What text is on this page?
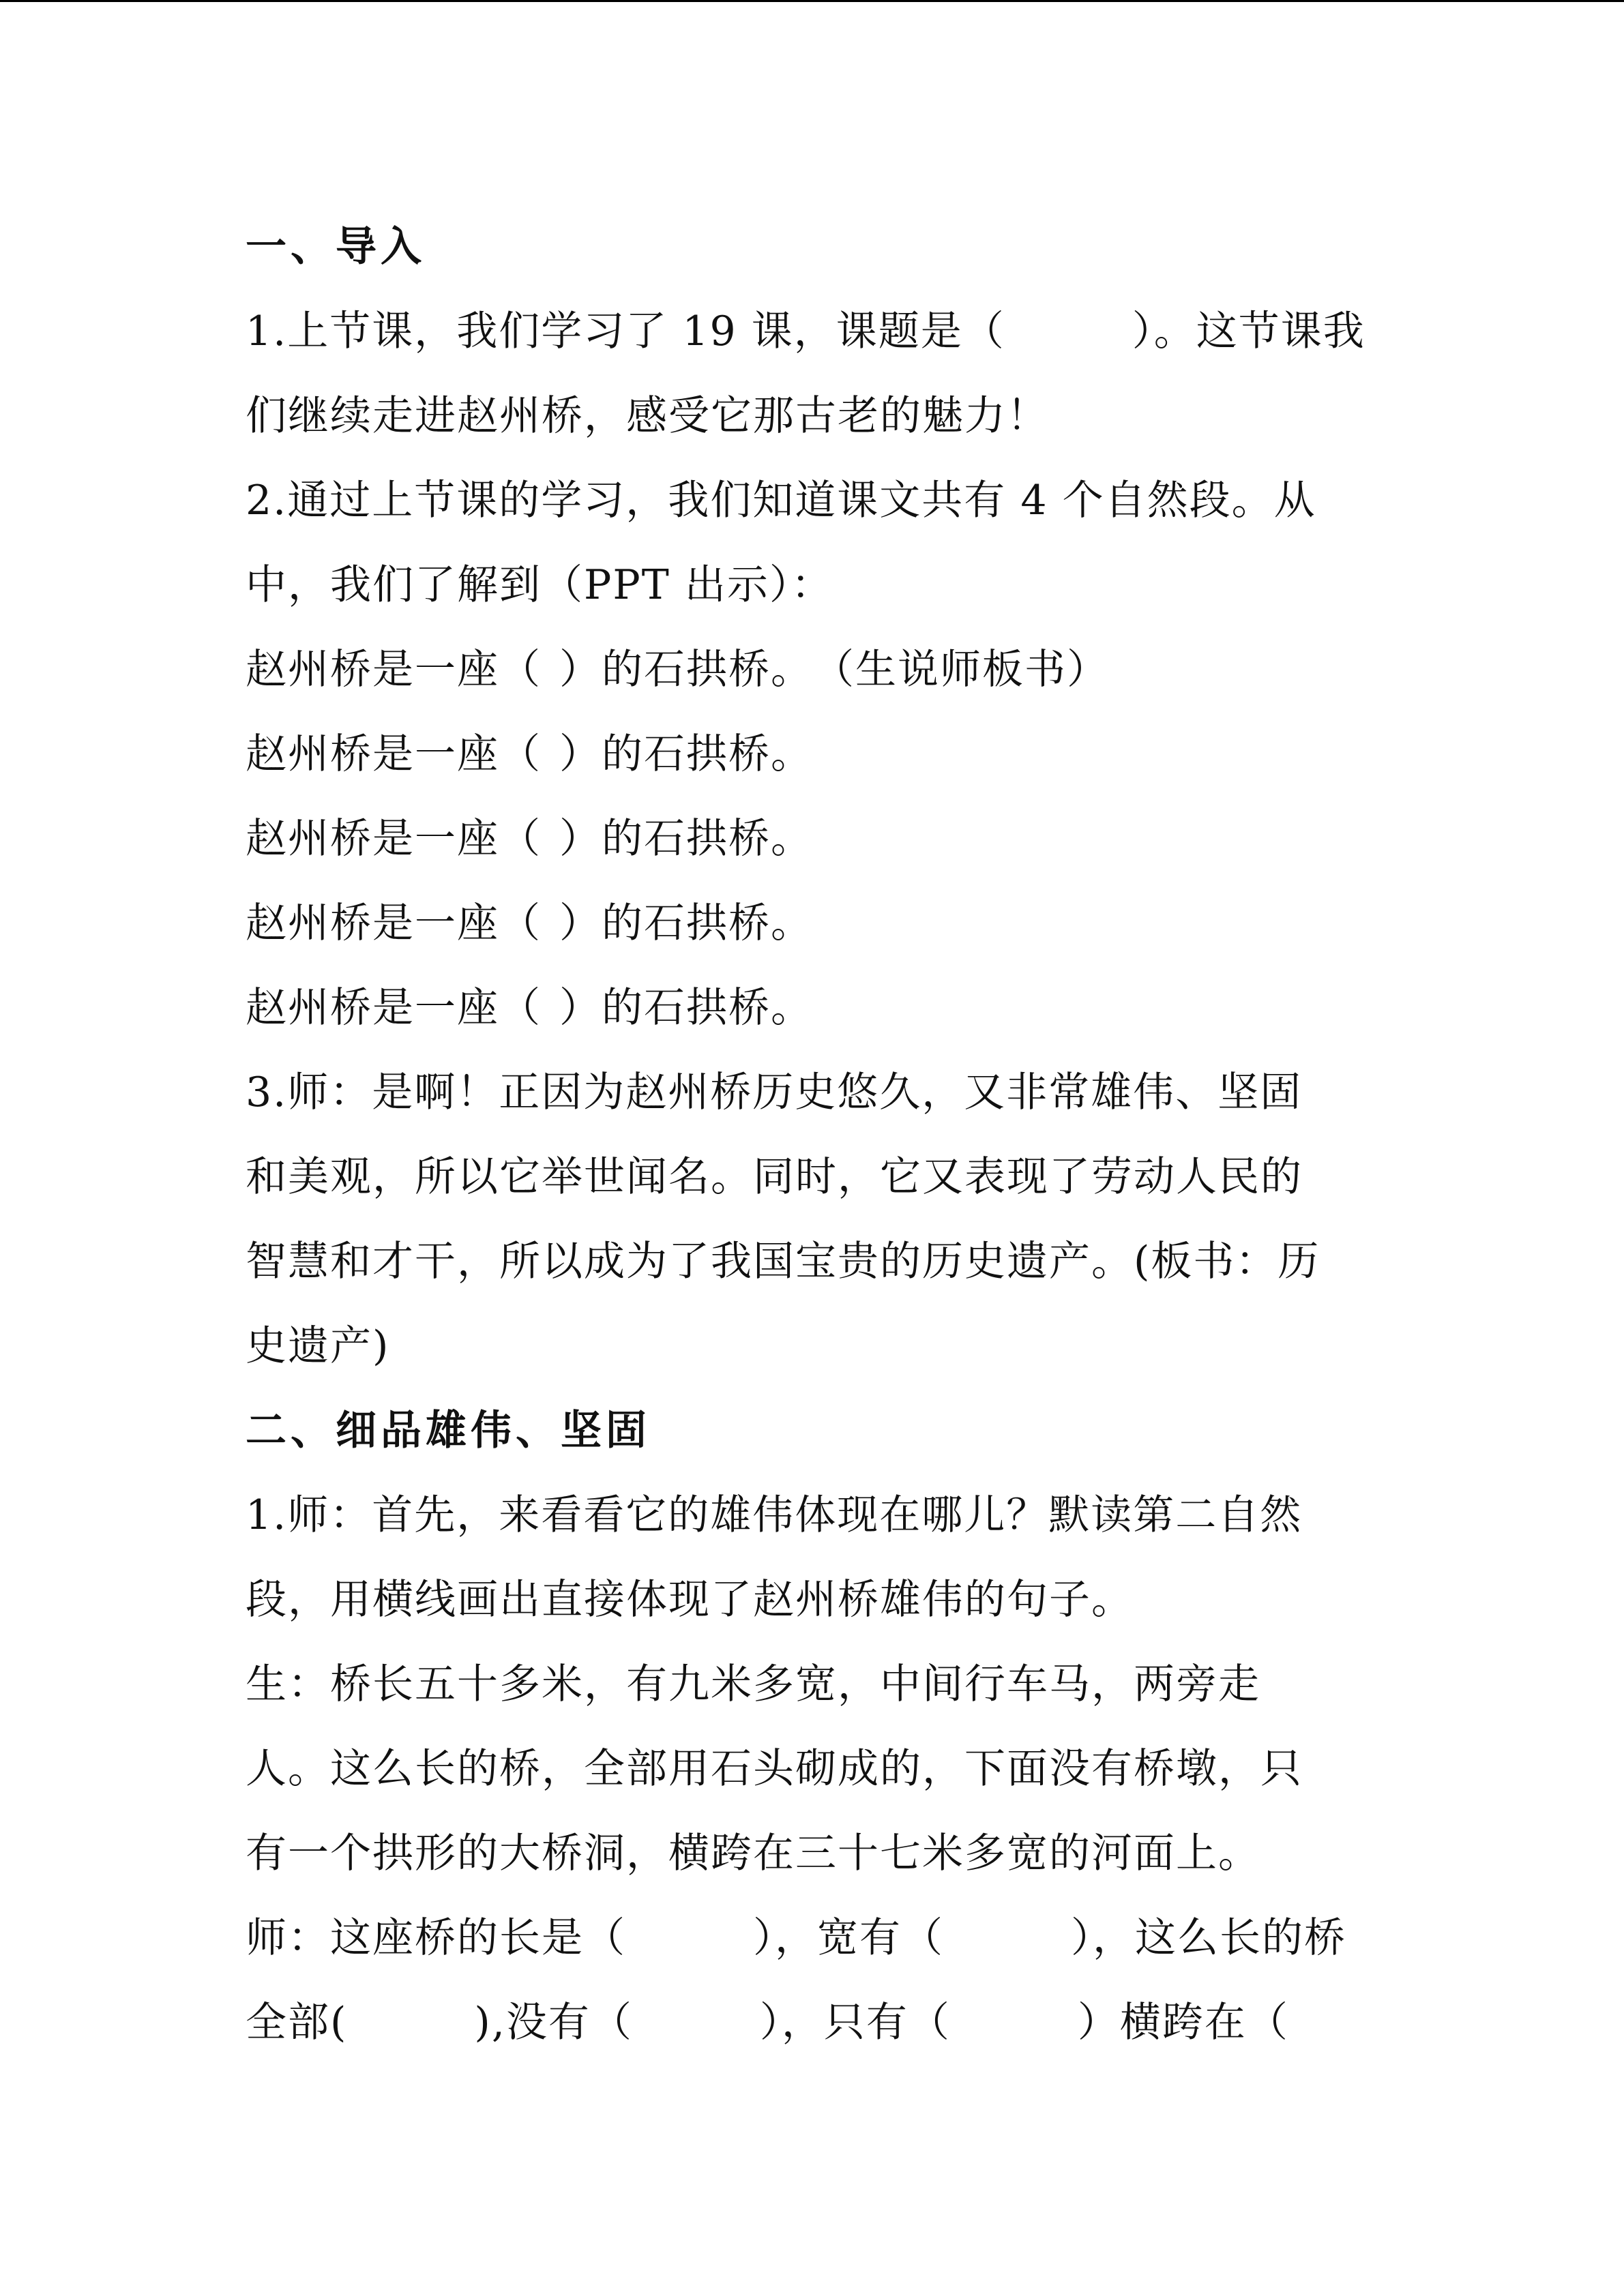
一、导入
1.上节课，我们学习了 19 课，课题是（　　　）。这节课我
们继续走进赵州桥，感受它那古老的魅力！
2.通过上节课的学习，我们知道课文共有 4 个自然段。从
中，我们了解到（PPT 出示）：
赵州桥是一座（ ）的石拱桥。 （生说师板书）
赵州桥是一座（ ）的石拱桥。
赵州桥是一座（ ）的石拱桥。
赵州桥是一座（ ）的石拱桥。
赵州桥是一座（ ）的石拱桥。
3.师：是啊！正因为赵州桥历史悠久，又非常雄伟、坚固
和美观，所以它举世闻名。同时，它又表现了劳动人民的
智慧和才干，所以成为了我国宝贵的历史遗产。(板书：历
史遗产)
二、细品雄伟、坚固
1.师：首先，来看看它的雄伟体现在哪儿？默读第二自然
段，用横线画出直接体现了赵州桥雄伟的句子。
生：桥长五十多米，有九米多宽，中间行车马，两旁走
人。这么长的桥，全部用石头砌成的，下面没有桥墩，只
有一个拱形的大桥洞，横跨在三十七米多宽的河面上。
师：这座桥的长是（　　　），宽有（　　　），这么长的桥
全部(　　　),没有（　　　），只有（　　　）横跨在（
